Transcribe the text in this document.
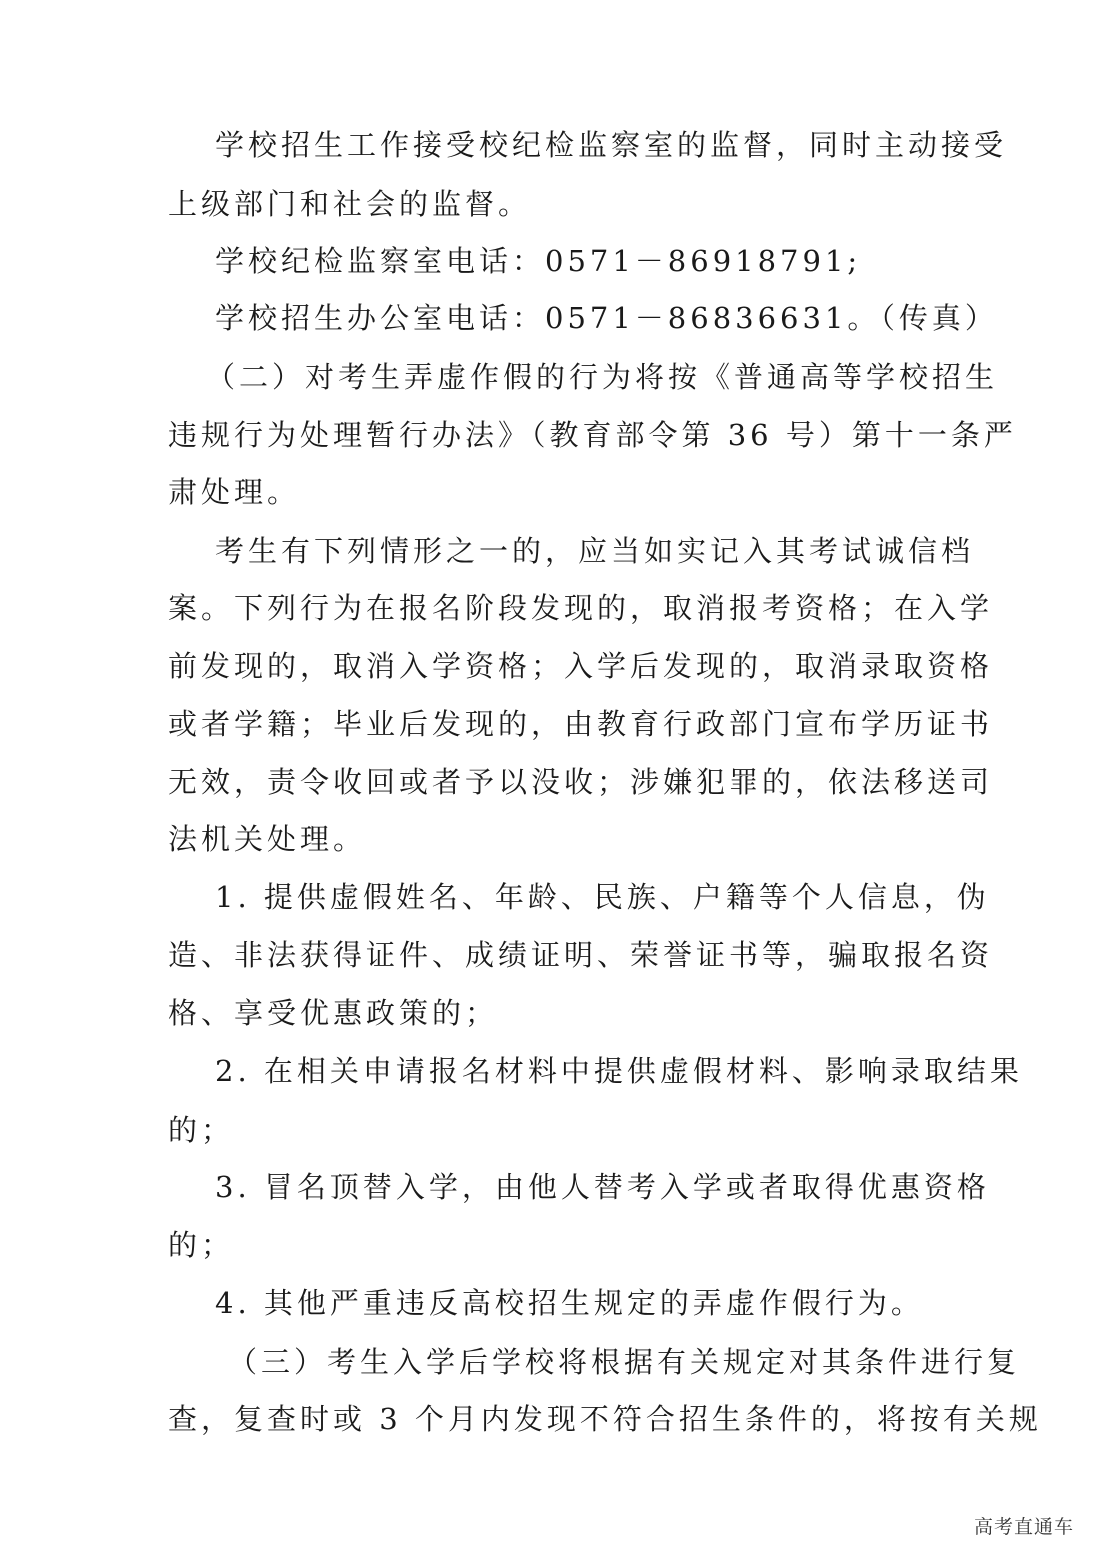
学校招生工作接受校纪检监察室的监督，同时主动接受
上级部门和社会的监督。
学校纪检监察室电话：0571－86918791;
学校招生办公室电话：0571－86836631。（传真）
（二）对考生弄虚作假的行为将按《普通高等学校招生
违规行为处理暂行办法》（教育部令第 36 号）第十一条严
肃处理。
考生有下列情形之一的，应当如实记入其考试诚信档
案。下列行为在报名阶段发现的，取消报考资格；在入学
前发现的，取消入学资格；入学后发现的，取消录取资格
或者学籍；毕业后发现的，由教育行政部门宣布学历证书
无效，责令收回或者予以没收；涉嫌犯罪的，依法移送司
法机关处理。
1. 提供虚假姓名、年龄、民族、户籍等个人信息，伪
造、非法获得证件、成绩证明、荣誉证书等，骗取报名资
格、享受优惠政策的；
2. 在相关申请报名材料中提供虚假材料、影响录取结果
的；
3. 冒名顶替入学，由他人替考入学或者取得优惠资格
的；
4. 其他严重违反高校招生规定的弄虚作假行为。
（三）考生入学后学校将根据有关规定对其条件进行复
查，复查时或 3 个月内发现不符合招生条件的，将按有关规
高考直通车
